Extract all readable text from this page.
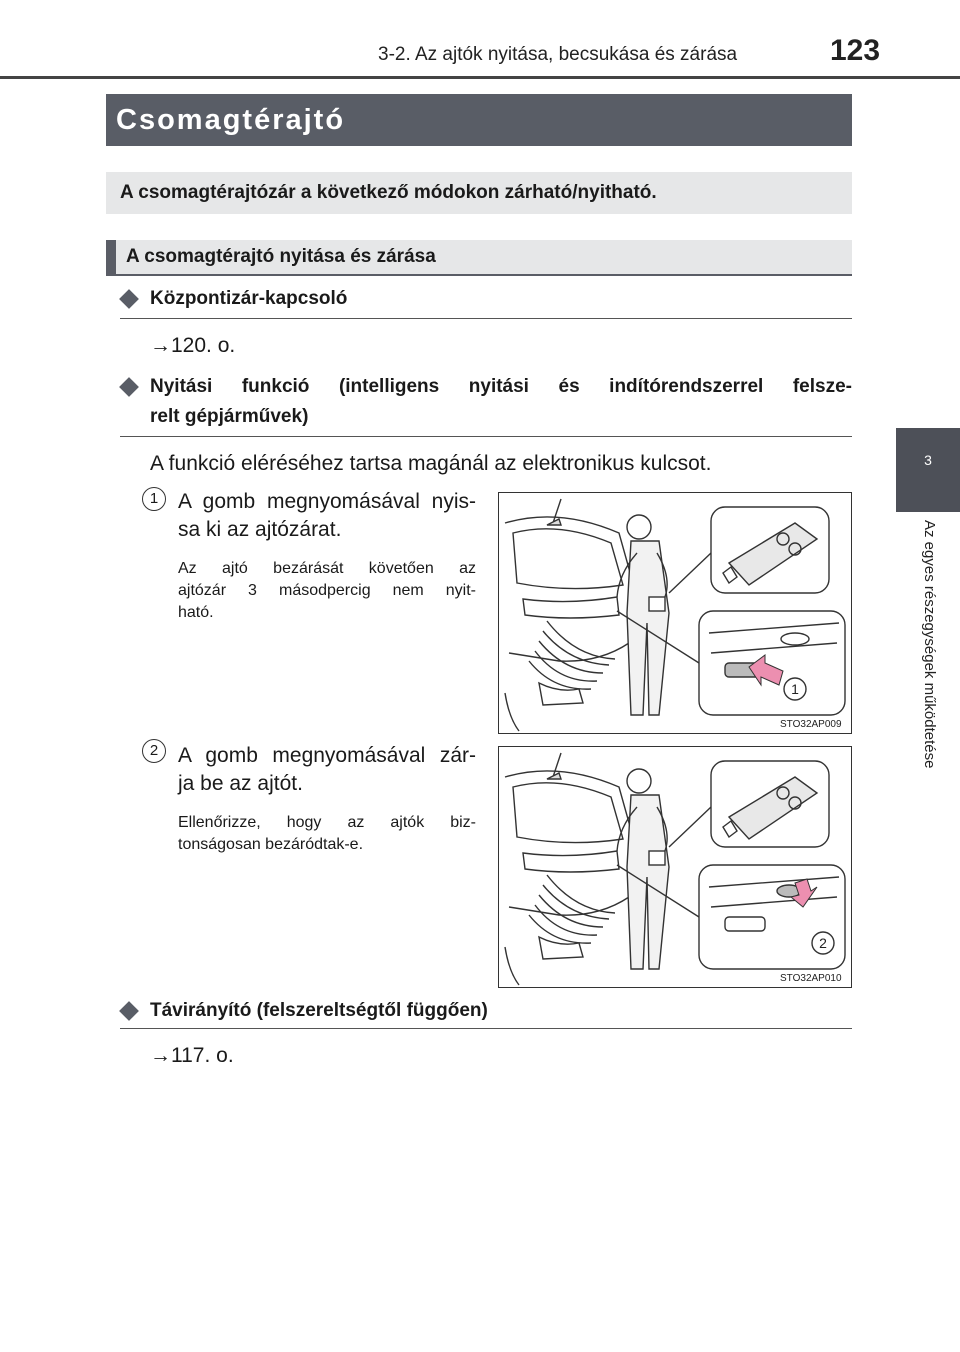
3-2. Az ajtók nyitása, becsukása és zárása	123
3
Az egyes részegységek működtetése
Csomagtérajtó
A csomagtérajtózár a következő módokon zárható/nyitható.
A csomagtérajtó nyitása és zárása
Központizár-kapcsoló
→120. o.
Nyitási funkció (intelligens nyitási és indítórendszerrel felsze-
relt gépjárművek)
A funkció eléréséhez tartsa magánál az elektronikus kulcsot.
1 A gomb megnyomásával nyis-
sa ki az ajtózárat.
Az ajtó bezárását követően az
ajtózár 3 másodpercig nem nyit-
ható.
1
STO32AP009
2 A gomb megnyomásával zár-
ja be az ajtót.
Ellenőrizze, hogy az ajtók biz-
tonságosan bezáródtak-e.
2
STO32AP010
Távirányító (felszereltségtől függően)
→117. o.
